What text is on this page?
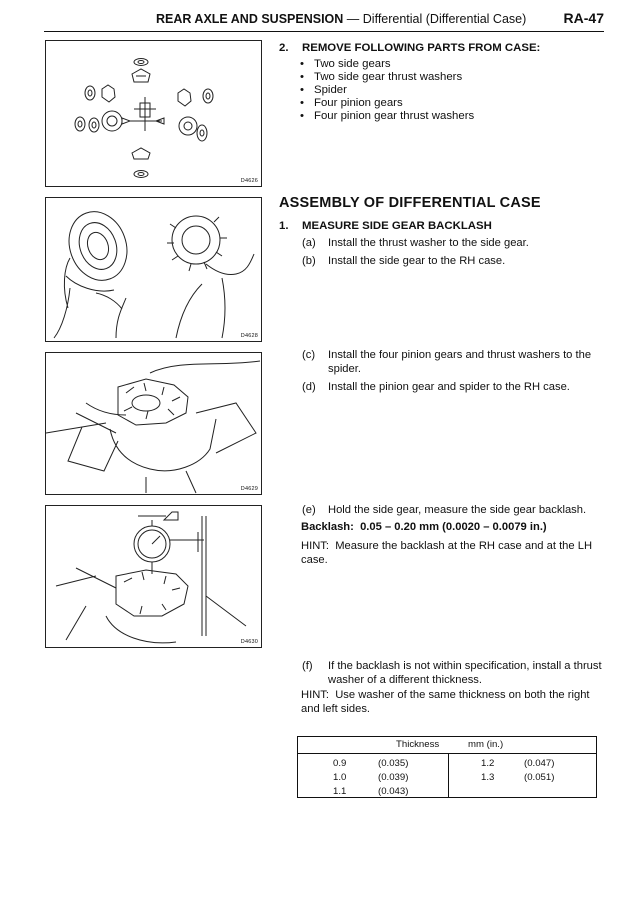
REAR AXLE AND SUSPENSION — Differential (Differential Case)	RA-47
D4626
D4628
D4629
D4630
2. REMOVE FOLLOWING PARTS FROM CASE:
• Two side gears
• Two side gear thrust washers
• Spider
• Four pinion gears
• Four pinion gear thrust washers
ASSEMBLY OF DIFFERENTIAL CASE
1. MEASURE SIDE GEAR BACKLASH
(a) Install the thrust washer to the side gear.
(b) Install the side gear to the RH case.
(c) Install the four pinion gears and thrust washers to the spider.
(d) Install the pinion gear and spider to the RH case.
(e) Hold the side gear, measure the side gear backlash.
Backlash: 0.05 – 0.20 mm (0.0020 – 0.0079 in.)
HINT: Measure the backlash at the RH case and at the LH case.
(f) If the backlash is not within specification, install a thrust washer of a different thickness.
HINT: Use washer of the same thickness on both the right and left sides.
Thickness	mm (in.)
0.9	(0.035)
1.0	(0.039)
1.1	(0.043)
1.2	(0.047)
1.3	(0.051)
